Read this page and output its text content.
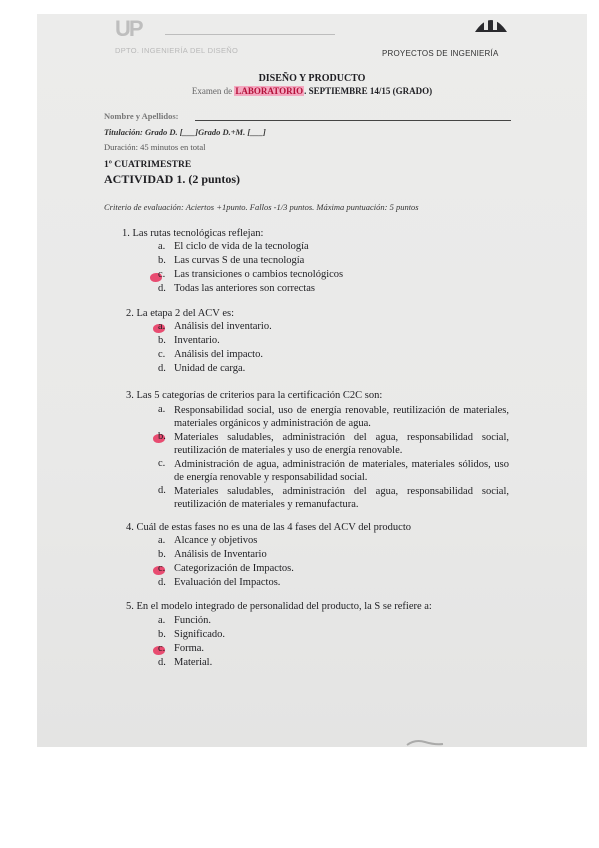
UP
DPTO. INGENIERÍA DEL DISEÑO	PROYECTOS DE INGENIERÍA
DISEÑO Y PRODUCTO
Examen de LABORATORIO. SEPTIEMBRE 14/15 (GRADO)
Nombre y Apellidos:
Titulación: Grado D. [___]Grado D.+M. [___]
Duración: 45 minutos en total
1º CUATRIMESTRE
ACTIVIDAD 1. (2 puntos)
Criterio de evaluación: Aciertos +1punto. Fallos -1/3 puntos. Máxima puntuación: 5 puntos
1. Las rutas tecnológicas reflejan:
a. El ciclo de vida de la tecnología
b. Las curvas S de una tecnología
c. Las transiciones o cambios tecnológicos
d. Todas las anteriores son correctas
2. La etapa 2 del ACV es:
a. Análisis del inventario.
b. Inventario.
c. Análisis del impacto.
d. Unidad de carga.
3. Las 5 categorías de criterios para la certificación C2C son:
a. Responsabilidad social, uso de energía renovable, reutilización de materiales, materiales orgánicos y administración de agua.
b. Materiales saludables, administración del agua, responsabilidad social, reutilización de materiales y uso de energía renovable.
c. Administración de agua, administración de materiales, materiales sólidos, uso de energía renovable y responsabilidad social.
d. Materiales saludables, administración del agua, responsabilidad social, reutilización de materiales y remanufactura.
4. Cuál de estas fases no es una de las 4 fases del ACV del producto
a. Alcance y objetivos
b. Análisis de Inventario
c. Categorización de Impactos.
d. Evaluación del Impactos.
5. En el modelo integrado de personalidad del producto, la S se refiere a:
a. Función.
b. Significado.
c. Forma.
d. Material.
